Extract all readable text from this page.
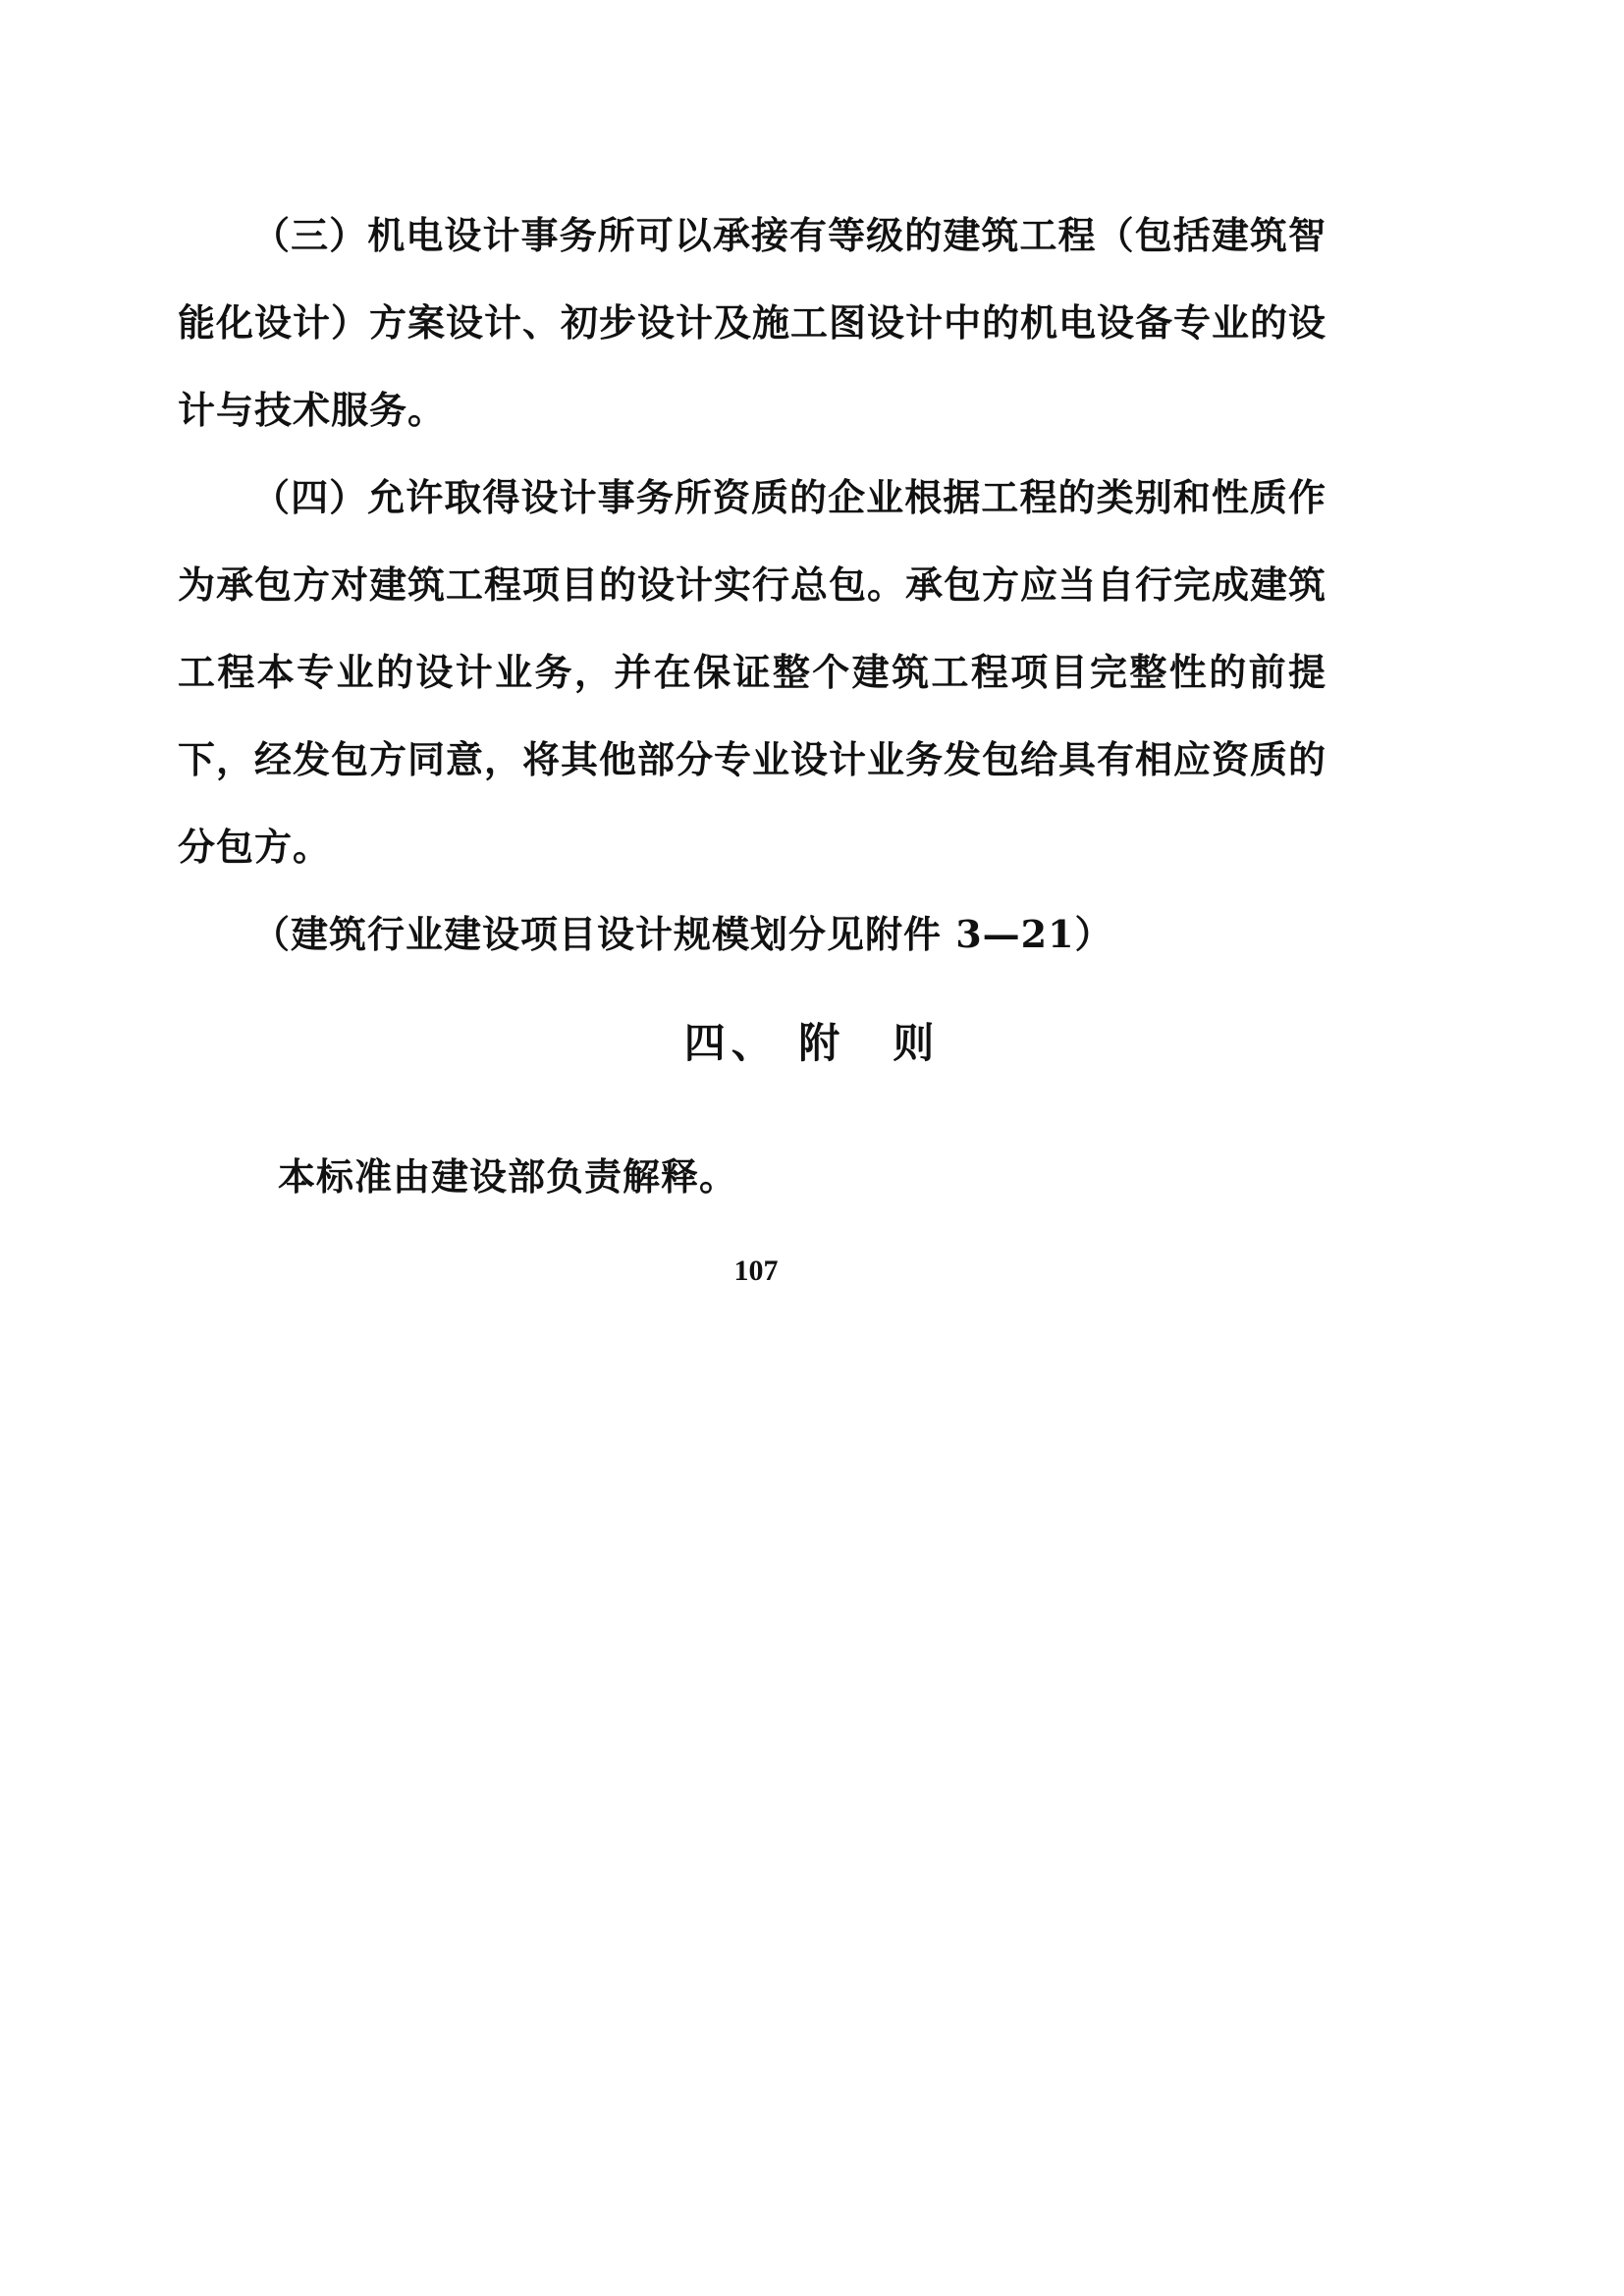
（三）机电设计事务所可以承接有等级的建筑工程（包括建筑智能化设计）方案设计、初步设计及施工图设计中的机电设备专业的设计与技术服务。

（四）允许取得设计事务所资质的企业根据工程的类别和性质作为承包方对建筑工程项目的设计实行总包。承包方应当自行完成建筑工程本专业的设计业务，并在保证整个建筑工程项目完整性的前提下，经发包方同意，将其他部分专业设计业务发包给具有相应资质的分包方。

（建筑行业建设项目设计规模划分见附件 3—21）

四、 附　则
本标准由建设部负责解释。
107
